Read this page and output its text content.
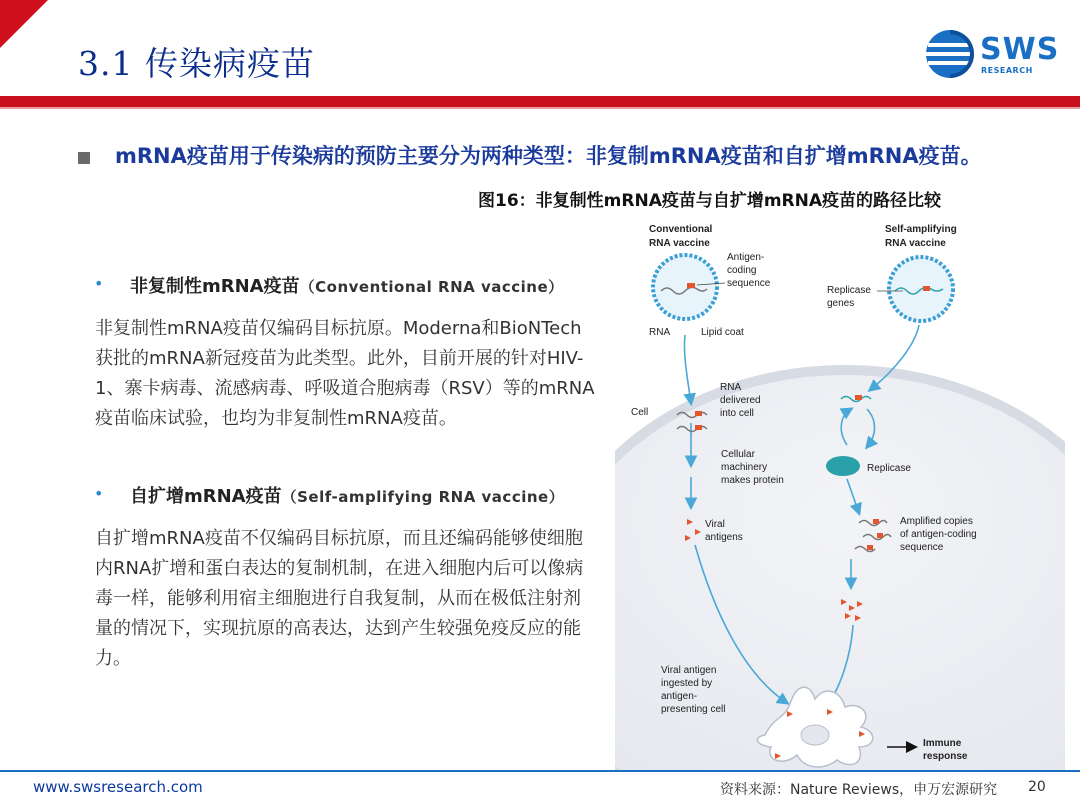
3.1 传染病疫苗	SWS
RESEARCH
mRNA疫苗用于传染病的预防主要分为两种类型：非复制mRNA疫苗和自扩增mRNA疫苗。
图16：非复制性mRNA疫苗与自扩增mRNA疫苗的路径比较
• 非复制性mRNA疫苗（Conventional RNA vaccine）
非复制性mRNA疫苗仅编码目标抗原。Moderna和BioNTech获批的mRNA新冠疫苗为此类型。此外，目前开展的针对HIV-1、寨卡病毒、流感病毒、呼吸道合胞病毒（RSV）等的mRNA疫苗临床试验，也均为非复制性mRNA疫苗。
• 自扩增mRNA疫苗（Self-amplifying RNA vaccine）
自扩增mRNA疫苗不仅编码目标抗原，而且还编码能够使细胞内RNA扩增和蛋白表达的复制机制，在进入细胞内后可以像病毒一样，能够利用宿主细胞进行自我复制，从而在极低注射剂量的情况下，实现抗原的高表达，达到产生较强免疫反应的能力。
Conventional
RNA vaccine
Self-amplifying
RNA vaccine
Antigen-
coding
sequence
RNA	Lipid coat
Replicase
genes
Cell
RNA
delivered
into cell
Cellular
machinery
makes protein
Viral
antigens
Replicase
Amplified copies
of antigen-coding
sequence
Viral antigen
ingested by
antigen-
presenting cell
Immune
response
www.swsresearch.com	资料来源：Nature Reviews，申万宏源研究 20
